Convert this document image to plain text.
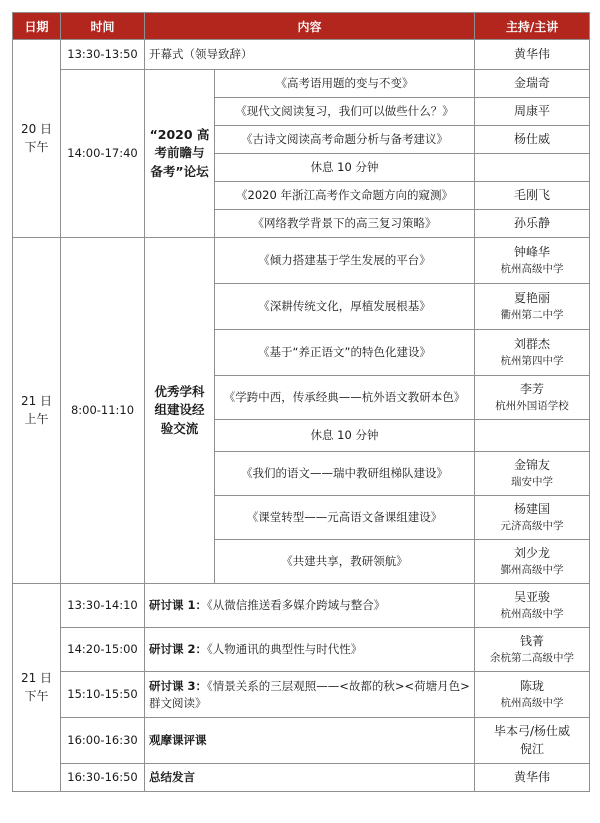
日期	时间	内容		主持/主讲
20 日
下午	13:30-13:50	开幕式（领导致辞）		黄华伟

	14:00-17:40	“2020 高考前瞻与备考”论坛	《高考语用题的变与不变》	金瑞奇

			《现代文阅读复习，我们可以做些什么？》	周康平

			《古诗文阅读高考命题分析与备考建议》	杨仕威

			休息 10 分钟	

			《2020 年浙江高考作文命题方向的窥测》	毛刚飞

			《网络教学背景下的高三复习策略》	孙乐静

21 日
上午	8:00-11:10	优秀学科组建设经验交流	《倾力搭建基于学生发展的平台》	钟峰华
杭州高级中学

			《深耕传统文化，厚植发展根基》	夏艳丽
衢州第二中学

			《基于“养正语文”的特色化建设》	刘群杰
杭州第四中学

			《学跨中西，传承经典——杭外语文教研本色》	李芳
杭州外国语学校

			休息 10 分钟	

			《我们的语文——瑞中教研组梯队建设》	金锦友
瑞安中学

			《课堂转型——元高语文备课组建设》	杨建国
元济高级中学

			《共建共享，教研领航》	刘少龙
鄞州高级中学

21 日
下午	13:30-14:10	研讨课 1：《从微信推送看多媒介跨域与整合》		吴亚骏
杭州高级中学

	14:20-15:00	研讨课 2：《人物通讯的典型性与时代性》		钱菁
余杭第二高级中学

	15:10-15:50	研讨课 3：《情景关系的三层观照——<故都的秋><荷塘月色>群文阅读》		陈珑
杭州高级中学

	16:00-16:30	观摩课评课		毕本弓/杨仕威
倪江

	16:30-16:50	总结发言		黄华伟
